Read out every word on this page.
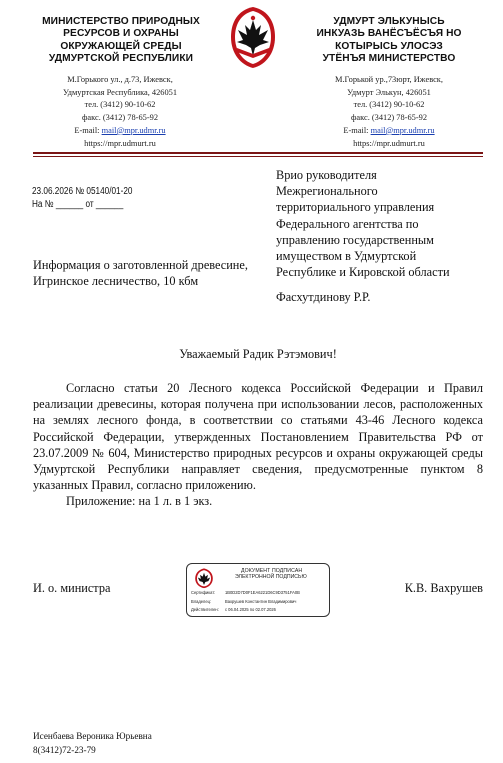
МИНИСТЕРСТВО ПРИРОДНЫХ
РЕСУРСОВ И ОХРАНЫ
ОКРУЖАЮЩЕЙ СРЕДЫ
УДМУРТСКОЙ РЕСПУБЛИКИ
М.Горького ул., д.73, Ижевск,
Удмуртская Республика, 426051
тел. (3412) 90-10-62
факс. (3412) 78-65-92
E-mail: mail@mpr.udmr.ru
https://mpr.udmurt.ru
УДМУРТ ЭЛЬКУНЫСЬ
ИНКУАЗЬ ВАНЁСЪЁСЪЯ НО
КОТЫРЫСЬ УЛОСЭЗ
УТЁНЪЯ МИНИСТЕРСТВО
М.Горькой ур.,73юрт, Ижевск,
Удмурт Элькун, 426051
тел. (3412) 90-10-62
факс. (3412) 78-65-92
E-mail: mail@mpr.udmr.ru
https://mpr.udmurt.ru
23.06.2026 № 05140/01-20
На № ______ от ______
Врио руководителя
Межрегионального
территориального управления
Федерального агентства по
управлению государственным
имуществом в Удмуртской
Республике и Кировской области
Фасхутдинову Р.Р.
Информация о заготовленной древесине,
Игринское лесничество, 10 кбм
Уважаемый Радик Рэтэмович!

Согласно статьи 20 Лесного кодекса Российской Федерации и Правил реализации древесины, которая получена при использовании лесов, расположенных на землях лесного фонда, в соответствии со статьями 43-46 Лесного кодекса Российской Федерации, утвержденных Постановлением Правительства РФ от 23.07.2009 № 604, Министерство природных ресурсов и охраны окружающей среды Удмуртской Республики направляет сведения, предусмотренные пунктом 8 указанных Правил, согласно приложению.

Приложение: на 1 л. в 1 экз.

И. о. министра	К.В. Вахрушев
ДОКУМЕНТ ПОДПИСАН
ЭЛЕКТРОННОЙ ПОДПИСЬЮ
Сертификат: 1B0D2D7D0F1EA6221D6C9D3751FA0B
Владелец:	Вахрушев Константин Владимирович
Действителен: с 06.04.2025 по 02.07.2026
Исенбаева Вероника Юрьевна
8(3412)72-23-79
